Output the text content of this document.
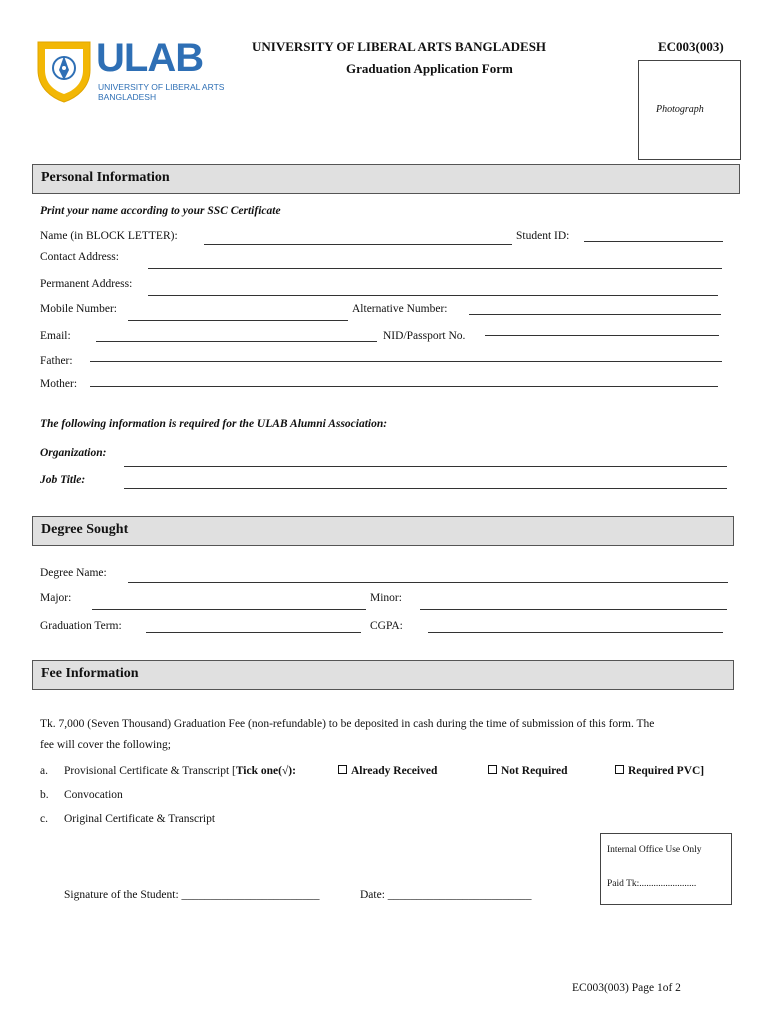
ULAB
UNIVERSITY OF LIBERAL ARTS
BANGLADESH
UNIVERSITY OF LIBERAL ARTS BANGLADESH
Graduation Application Form
EC003(003)
Photograph
Personal Information
Print your name according to your SSC Certificate
Name (in BLOCK LETTER):	Student ID:
Contact Address:
Permanent Address:
Mobile Number:	Alternative Number:
Email:	NID/Passport No.
Father:
Mother:
The following information is required for the ULAB Alumni Association:
Organization:
Job Title:
Degree Sought
Degree Name:
Major:	Minor:
Graduation Term:	CGPA:
Fee Information
Tk. 7,000 (Seven Thousand) Graduation Fee (non-refundable) to be deposited in cash during the time of submission of this form. The
fee will cover the following;
a. Provisional Certificate & Transcript [Tick one(√):	Already Received	Not Required	Required PVC]
b. Convocation
c. Original Certificate & Transcript
Internal Office Use Only
Paid Tk:........................
Signature of the Student: ________________________	Date: _________________________
EC003(003) Page 1of 2
